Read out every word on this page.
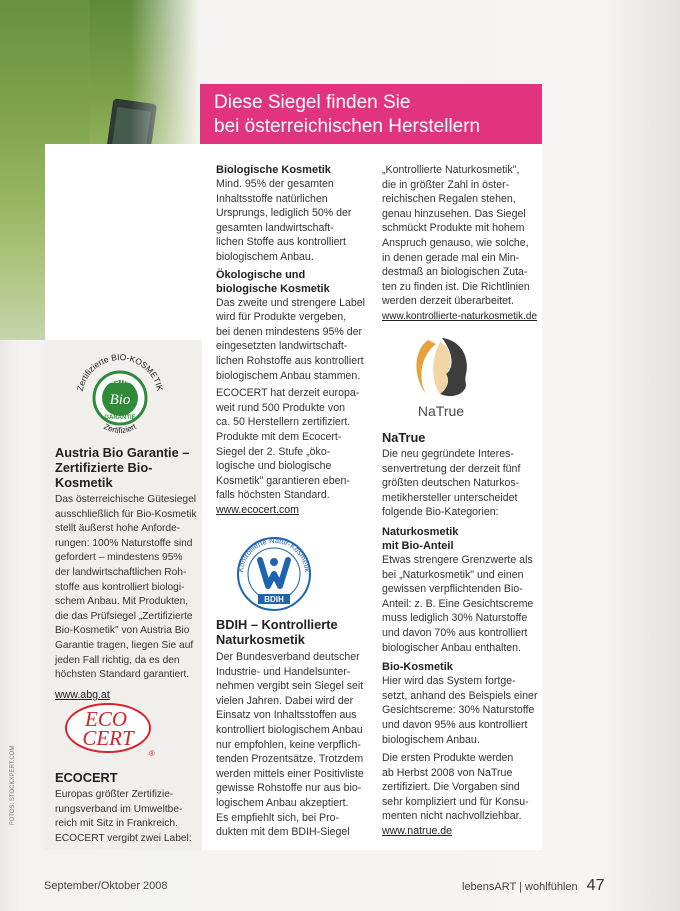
Diese Siegel finden Sie
bei österreichischen Herstellern
Zertifizierte BIO-KOSMETIK
Zertifiziert
AUSTRIA
Bio
GARANTIE
Austria Bio Garantie –
Zertifizierte Bio-Kosmetik

Das österreichische Gütesiegel
ausschließlich für Bio-Kosmetik
stellt äußerst hohe Anforde-
rungen: 100% Naturstoffe sind
gefordert – mindestens 95%
der landwirtschaftlichen Roh-
stoffe aus kontrolliert biologi-
schem Anbau. Mit Produkten,
die das Prüfsiegel „Zertifizierte
Bio-Kosmetik" von Austria Bio
Garantie tragen, liegen Sie auf
jeden Fall richtig, da es den
höchsten Standard garantiert.

www.abg.at

ECO
CERT
®
ECOCERT

Europas größter Zertifizie-
rungsverband im Umweltbe-
reich mit Sitz in Frankreich.
ECOCERT vergibt zwei Label:

FOTOS: STOCKXPERT.COM
Biologische Kosmetik

Mind. 95% der gesamten
Inhaltsstoffe natürlichen
Ursprungs, lediglich 50% der
gesamten landwirtschaft-
lichen Stoffe aus kontrolliert
biologischem Anbau.

Ökologische und
biologische Kosmetik

Das zweite und strengere Label
wird für Produkte vergeben,
bei denen mindestens 95% der
eingesetzten landwirtschaft-
lichen Rohstoffe aus kontrolliert
biologischem Anbau stammen.

ECOCERT hat derzeit europa-
weit rund 500 Produkte von
ca. 50 Herstellern zertifiziert.
Produkte mit dem Ecocert-
Siegel der 2. Stufe „öko-
logische und biologische
Kosmetik" garantieren eben-
falls höchsten Standard.

www.ecocert.com

Kontrollierte Natur-Kosmetik
BDIH
BDIH – Kontrollierte
Naturkosmetik

Der Bundesverband deutscher
Industrie- und Handelsunter-
nehmen vergibt sein Siegel seit
vielen Jahren. Dabei wird der
Einsatz von Inhaltsstoffen aus
kontrolliert biologischem Anbau
nur empfohlen, keine verpflich-
tenden Prozentsätze. Trotzdem
werden mittels einer Positivliste
gewisse Rohstoffe nur aus bio-
logischem Anbau akzeptiert.
Es empfiehlt sich, bei Pro-
dukten mit dem BDIH-Siegel

„Kontrollierte Naturkosmetik",
die in größter Zahl in öster-
reichischen Regalen stehen,
genau hinzusehen. Das Siegel
schmückt Produkte mit hohem
Anspruch genauso, wie solche,
in denen gerade mal ein Min-
destmaß an biologischen Zuta-
ten zu finden ist. Die Richtlinien
werden derzeit überarbeitet.

www.kontrollierte-naturkosmetik.de

NaTrue
NaTrue

Die neu gegründete Interes-
senvertretung der derzeit fünf
größten deutschen Naturkos-
metikhersteller unterscheidet
folgende Bio-Kategorien:

Naturkosmetik
mit Bio-Anteil

Etwas strengere Grenzwerte als
bei „Naturkosmetik" und einen
gewissen verpflichtenden Bio-
Anteil: z. B. Eine Gesichtscreme
muss lediglich 30% Naturstoffe
und davon 70% aus kontrolliert
biologischer Anbau enthalten.

Bio-Kosmetik

Hier wird das System fortge-
setzt, anhand des Beispiels einer
Gesichtscreme: 30% Naturstoffe
und davon 95% aus kontrolliert
biologischem Anbau.

Die ersten Produkte werden
ab Herbst 2008 von NaTrue
zertifiziert. Die Vorgaben sind
sehr kompliziert und für Konsu-
menten nicht nachvollziehbar.

www.natrue.de

September/Oktober 2008	lebensART | wohlfühlen 47
